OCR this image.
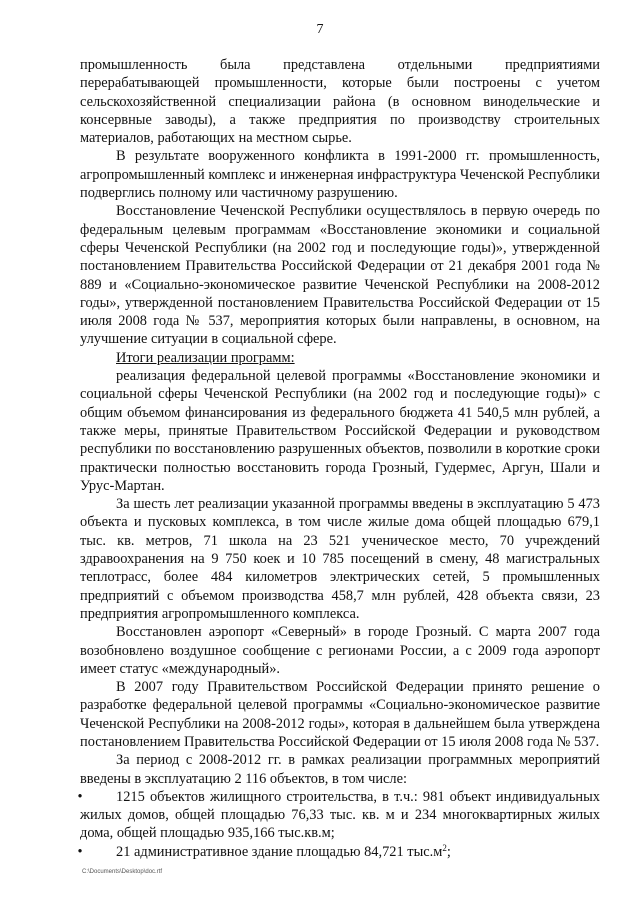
7

промышленность была представлена отдельными предприятиями перерабатывающей промышленности, которые были построены с учетом сельскохозяйственной специализации района (в основном винодельческие и консервные заводы), а также предприятия по производству строительных материалов, работающих на местном сырье.

В результате вооруженного конфликта в 1991-2000 гг. промышленность, агропромышленный комплекс и инженерная инфраструктура Чеченской Республики подверглись полному или частичному разрушению.

Восстановление Чеченской Республики осуществлялось в первую очередь по федеральным целевым программам «Восстановление экономики и социальной сферы Чеченской Республики (на 2002 год и последующие годы)», утвержденной постановлением Правительства Российской Федерации от 21 декабря 2001 года № 889 и «Социально-экономическое развитие Чеченской Республики на 2008-2012 годы», утвержденной постановлением Правительства Российской Федерации от 15 июля 2008 года № 537, мероприятия которых были направлены, в основном, на улучшение ситуации в социальной сфере.

Итоги реализации программ:

реализация федеральной целевой программы «Восстановление экономики и социальной сферы Чеченской Республики (на 2002 год и последующие годы)» с общим объемом финансирования из федерального бюджета 41 540,5 млн рублей, а также меры, принятые Правительством Российской Федерации и руководством республики по восстановлению разрушенных объектов, позволили в короткие сроки практически полностью восстановить города Грозный, Гудермес, Аргун, Шали и Урус-Мартан.

За шесть лет реализации указанной программы введены в эксплуатацию 5 473 объекта и пусковых комплекса, в том числе жилые дома общей площадью 679,1 тыс. кв. метров, 71 школа на 23 521 ученическое место, 70 учреждений здравоохранения на 9 750 коек и 10 785 посещений в смену, 48 магистральных теплотрасс, более 484 километров электрических сетей, 5 промышленных предприятий с объемом производства 458,7 млн рублей, 428 объекта связи, 23 предприятия агропромышленного комплекса.

Восстановлен аэропорт «Северный» в городе Грозный. С марта 2007 года возобновлено воздушное сообщение с регионами России, а с 2009 года аэропорт имеет статус «международный».

В 2007 году Правительством Российской Федерации принято решение о разработке федеральной целевой программы «Социально-экономическое развитие Чеченской Республики на 2008-2012 годы», которая в дальнейшем была утверждена постановлением Правительства Российской Федерации от 15 июля 2008 года № 537.

За период с 2008-2012 гг. в рамках реализации программных мероприятий введены в эксплуатацию 2 116 объектов, в том числе:

•	1215 объектов жилищного строительства, в т.ч.: 981 объект индивидуальных жилых домов, общей площадью 76,33 тыс. кв. м и 234 многоквартирных жилых дома, общей площадью 935,166 тыс.кв.м;
•	21 административное здание площадью 84,721 $тыс.м^2$;
C:\Documents\Desktop\doc.rtf
